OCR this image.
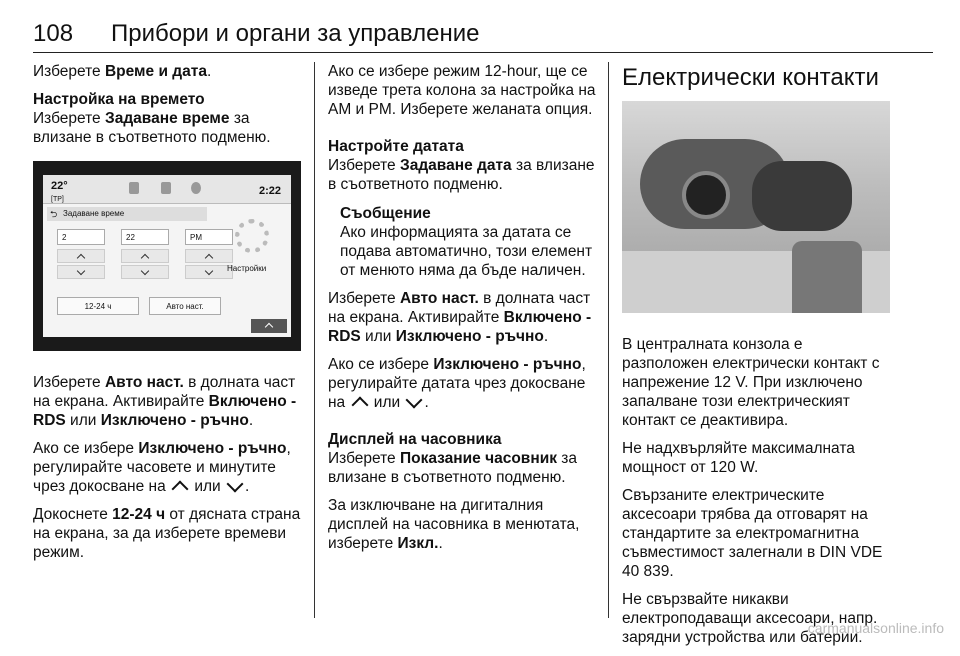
108 Прибори и органи за управление

Изберете Време и дата.

Настройка на времето

Изберете Задаване време за влизане в съответното подменю.

22°
[TP]
2:22
⮌ Задаване време
2	22	PM
12-24 ч	Авто наст.
Настройки

Изберете Авто наст. в долната част на екрана. Активирайте Включено - RDS или Изключено - ръчно.

Ако се избере Изключено - ръчно, регулирайте часовете и минутите чрез докосване на  или .

Докоснете 12-24 ч от дясната страна на екрана, за да изберете времеви режим.

Ако се избере режим 12-hour, ще се изведе трета колона за настройка на AM и PM. Изберете желаната опция.

Настройте датата

Изберете Задаване дата за влизане в съответното подменю.

Съобщение
Ако информацията за датата се подава автоматично, този елемент от менюто няма да бъде наличен.

Изберете Авто наст. в долната част на екрана. Активирайте Включено - RDS или Изключено - ръчно.

Ако се избере Изключено - ръчно, регулирайте датата чрез докосване на  или .

Дисплей на часовника

Изберете Показание часовник за влизане в съответното подменю.

За изключване на дигиталния дисплей на часовника в менютата, изберете Изкл..

Електрически контакти

В централната конзола е разположен електрически контакт с напрежение 12 V. При изключено запалване този електрическият контакт се деактивира.

Не надхвърляйте максималната мощност от 120 W.

Свързаните електрическите аксесоари трябва да отговарят на стандартите за електромагнитна съвместимост залегнали в DIN VDE 40 839.

Не свързвайте никакви електроподаващи аксесоари, напр. зарядни устройства или батерии.

carmanualsonline.info
